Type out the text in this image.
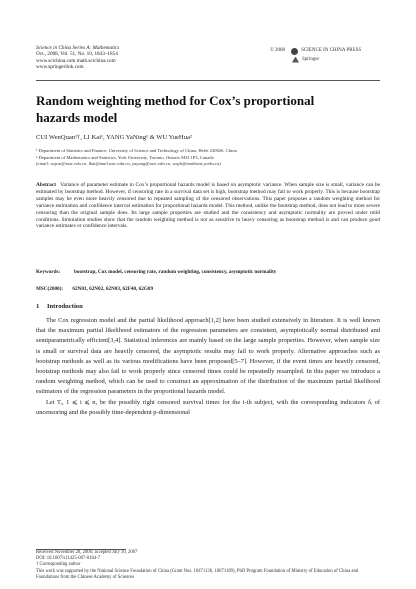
Science in China Series A: Mathematics
Oct., 2008, Vol. 51, No. 10, 1843–1854
www.scichina.com math.scichina.com
www.springerlink.com
© 2008	SCIENCE IN CHINA PRESS
Springer
Random weighting method for Cox’s proportional hazards model
CUI WenQuan¹†, LI Kai¹, YANG YaNing¹ & WU YueHua²
¹ Department of Statistics and Finance, University of Science and Technology of China, Hefei 230026, China
² Department of Mathematics and Statistics, York University, Toronto, Ontario M3J 1P3, Canada
(email: wqcui@ustc.edu.cn, lkai@mail.ustc.edu.cn, yayang@ustc.edu.cn, wuyh@mathstat.yorku.ca)
Abstract Variance of parameter estimate in Cox’s proportional hazards model is based on asymptotic variance. When sample size is small, variance can be estimated by bootstrap method. However, if censoring rate in a survival data set is high, bootstrap method may fail to work properly. This is because bootstrap samples may be even more heavily censored due to repeated sampling of the censored observations. This paper proposes a random weighting method for variance estimation and confidence interval estimation for proportional hazards model. This method, unlike the bootstrap method, does not lead to more severe censoring than the original sample does. Its large sample properties are studied and the consistency and asymptotic normality are proved under mild conditions. Simulation studies show that the random weighting method is not as sensitive to heavy censoring as bootstrap method is and can produce good variance estimates or confidence intervals.
Keywords:	bootstrap, Cox model, censoring rate, random weighting, consistency, asymptotic normality
MSC(2000): 62N01, 62N02, 62N03, 62F40, 62G09
1 Introduction

The Cox regression model and the partial likelihood approach[1,2] have been studied extensively in literature. It is well known that the maximum partial likelihood estimators of the regression parameters are consistent, asymptotically normal distributed and semiparametrically efficient[3,4]. Statistical inferences are mainly based on the large sample properties. However, when sample size is small or survival data are heavily censored, the asymptotic results may fail to work properly. Alternative approaches such as bootstrap methods as well as its various modifications have been proposed[5–7]. However, if the event times are heavily censored, bootstrap methods may also fail to work properly since censored times could be repeatedly resampled. In this paper we introduce a random weighting method, which can be used to construct an approximation of the distribution of the maximum partial likelihood estimators of the regression parameters in the proportional hazards model.

Let Tᵢ, 1 ⩽ i ⩽ n, be the possibly right censored survival times for the i-th subject, with the corresponding indicators δᵢ of uncensoring and the possibly time-dependent p-dimensional

Received November 28, 2006; accepted July 30, 2007
DOI: 10.1007/s11425-007-0164-7
† Corresponding author
This work was supported by the National Science Foundation of China (Grant Nos. 10471136, 10671189), PhD Program Foundation of Ministry of Education of China and Foundations from the Chinese Academy of Sciences
